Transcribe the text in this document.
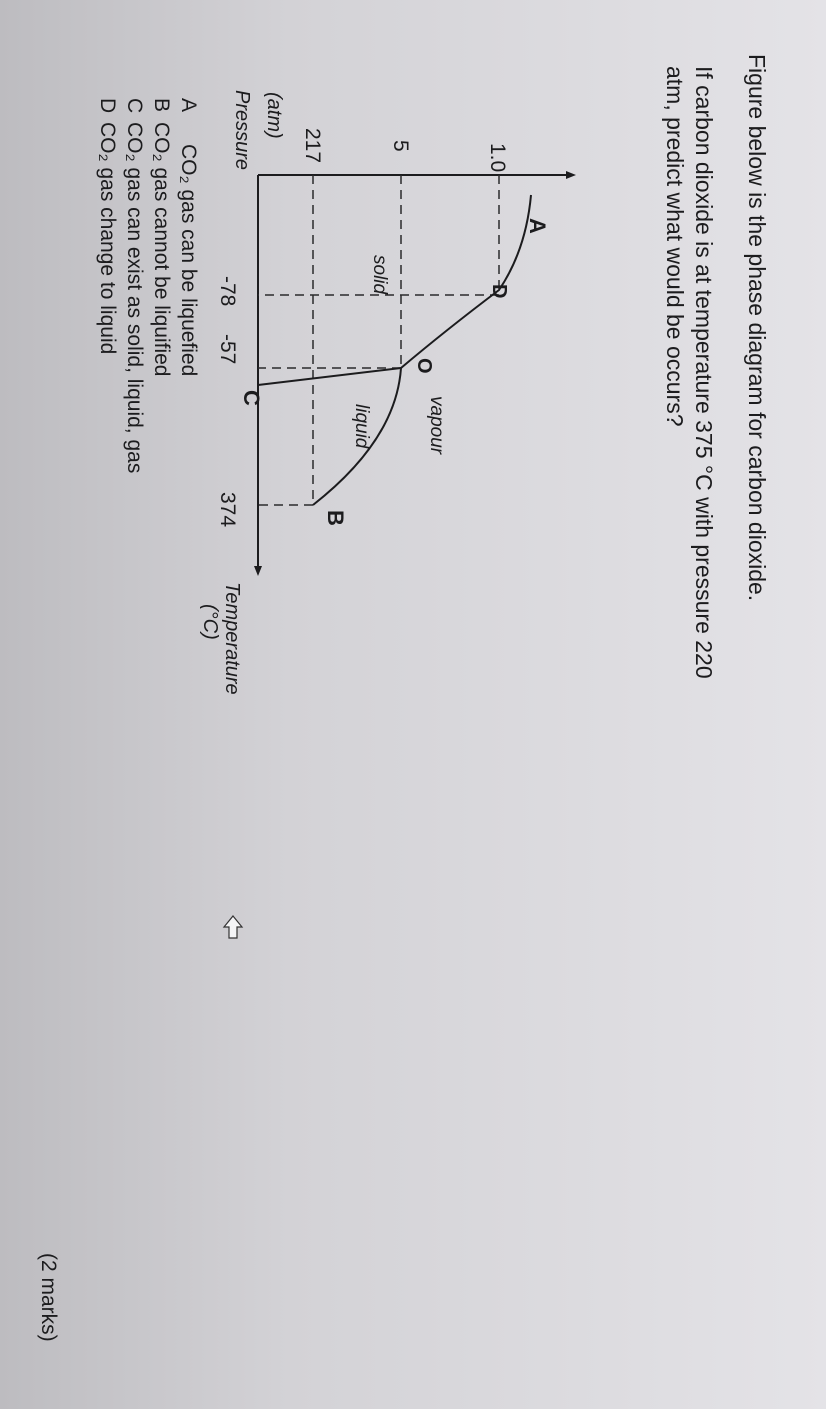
Figure below is the phase diagram for carbon dioxide.
If carbon dioxide is at temperature 375 °C with pressure 220 atm, predict what would be occurs?
solid
liquid	vapour
A
B
C
D
O
Pressure (atm)
Temperature
(°C)
217	5	1.0
-78
-57
374
A
CO₂ gas can be liquefied
B
CO₂ gas cannot be liquified
C
CO₂ gas can exist as solid, liquid, gas
D
CO₂ gas change to liquid
(2 marks)
